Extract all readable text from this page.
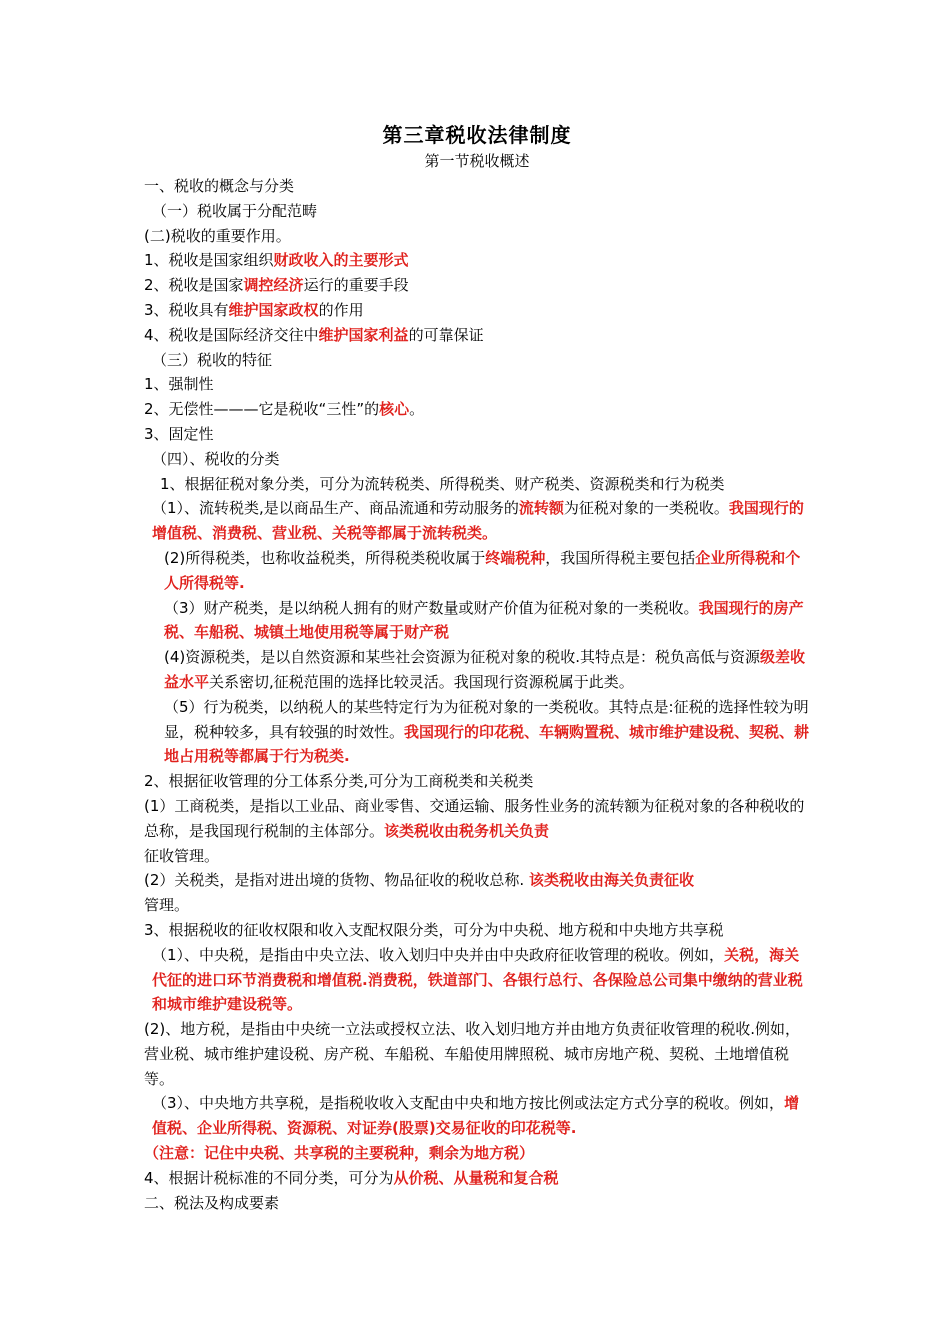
第三章税收法律制度
第一节税收概述

一、税收的概念与分类

（一）税收属于分配范畴

(二)税收的重要作用。

1、税收是国家组织财政收入的主要形式

2、税收是国家调控经济运行的重要手段

3、税收具有维护国家政权的作用

4、税收是国际经济交往中维护国家利益的可靠保证

（三）税收的特征

1、强制性

2、无偿性———它是税收“三性”的核心。

3、固定性

（四）、税收的分类

1、根据征税对象分类，可分为流转税类、所得税类、财产税类、资源税类和行为税类

（1）、流转税类,是以商品生产、商品流通和劳动服务的流转额为征税对象的一类税收。我国现行的增值税、消费税、营业税、关税等都属于流转税类。

(2)所得税类，也称收益税类，所得税类税收属于终端税种，我国所得税主要包括企业所得税和个人所得税等.

（3）财产税类，是以纳税人拥有的财产数量或财产价值为征税对象的一类税收。我国现行的房产税、车船税、城镇土地使用税等属于财产税

(4)资源税类，是以自然资源和某些社会资源为征税对象的税收.其特点是：税负高低与资源级差收益水平关系密切,征税范围的选择比较灵活。我国现行资源税属于此类。

（5）行为税类，以纳税人的某些特定行为为征税对象的一类税收。其特点是:征税的选择性较为明显，税种较多，具有较强的时效性。我国现行的印花税、车辆购置税、城市维护建设税、契税、耕地占用税等都属于行为税类.

2、根据征收管理的分工体系分类,可分为工商税类和关税类

(1）工商税类，是指以工业品、商业零售、交通运输、服务性业务的流转额为征税对象的各种税收的总称，是我国现行税制的主体部分。该类税收由税务机关负责

征收管理。

(2）关税类，是指对进出境的货物、物品征收的税收总称. 该类税收由海关负责征收

管理。

3、根据税收的征收权限和收入支配权限分类，可分为中央税、地方税和中央地方共享税

（1）、中央税，是指由中央立法、收入划归中央并由中央政府征收管理的税收。例如，关税，海关代征的进口环节消费税和增值税.消费税，铁道部门、各银行总行、各保险总公司集中缴纳的营业税和城市维护建设税等。

(2)、地方税，是指由中央统一立法或授权立法、收入划归地方并由地方负责征收管理的税收.例如，营业税、城市维护建设税、房产税、车船税、车船使用牌照税、城市房地产税、契税、土地增值税等。

（3）、中央地方共享税，是指税收收入支配由中央和地方按比例或法定方式分享的税收。例如，增值税、企业所得税、资源税、对证券(股票)交易征收的印花税等.

（注意：记住中央税、共享税的主要税种，剩余为地方税）

4、根据计税标准的不同分类，可分为从价税、从量税和复合税

二、税法及构成要素
